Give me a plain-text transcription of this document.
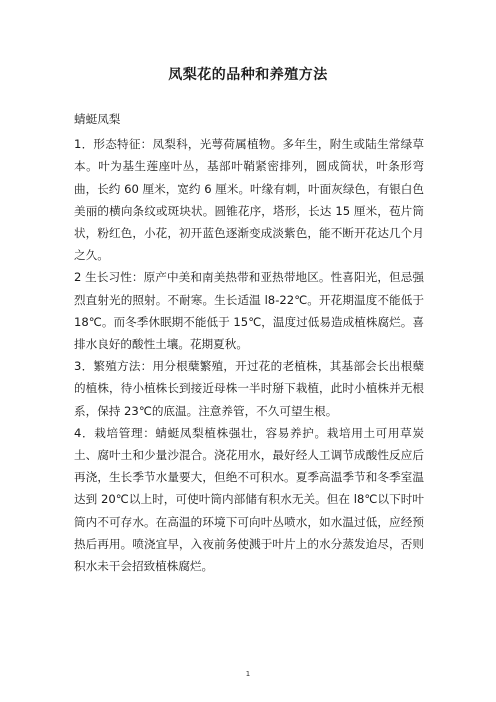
凤梨花的品种和养殖方法

蜻蜓凤梨

1．形态特征：凤梨科，光萼荷属植物。多年生，附生或陆生常绿草本。叶为基生莲座叶丛，基部叶鞘紧密排列，圆成筒状，叶条形弯曲，长约 60 厘米，宽约 6 厘米。叶缘有刺，叶面灰绿色，有银白色美丽的横向条纹或斑块状。圆锥花序，塔形，长达 15 厘米，苞片筒状，粉红色，小花，初开蓝色逐渐变成淡紫色，能不断开花达几个月之久。

2 生长习性：原产中美和南美热带和亚热带地区。性喜阳光，但忌强烈直射光的照射。不耐寒。生长适温 l8-22℃。开花期温度不能低于 18℃。而冬季休眠期不能低于 15℃，温度过低易造成植株腐烂。喜排水良好的酸性土壤。花期夏秋。

3．繁殖方法：用分根蘖繁殖，开过花的老植株，其基部会长出根蘖的植株，待小植株长到接近母株一半时掰下栽植，此时小植株并无根系，保持 23℃的底温。注意养管，不久可望生根。

4．栽培管理：蜻蜓凤梨植株强壮，容易养护。栽培用土可用草炭土、腐叶土和少量沙混合。浇花用水，最好经人工调节成酸性反应后再浇，生长季节水量要大，但绝不可积水。夏季高温季节和冬季室温达到 20℃以上时，可使叶筒内部储有积水无关。但在 l8℃以下时叶筒内不可存水。在高温的环境下可向叶丛喷水，如水温过低，应经预热后再用。喷浇宜早，入夜前务使溅于叶片上的水分蒸发迨尽，否则积水未干会招致植株腐烂。

1
